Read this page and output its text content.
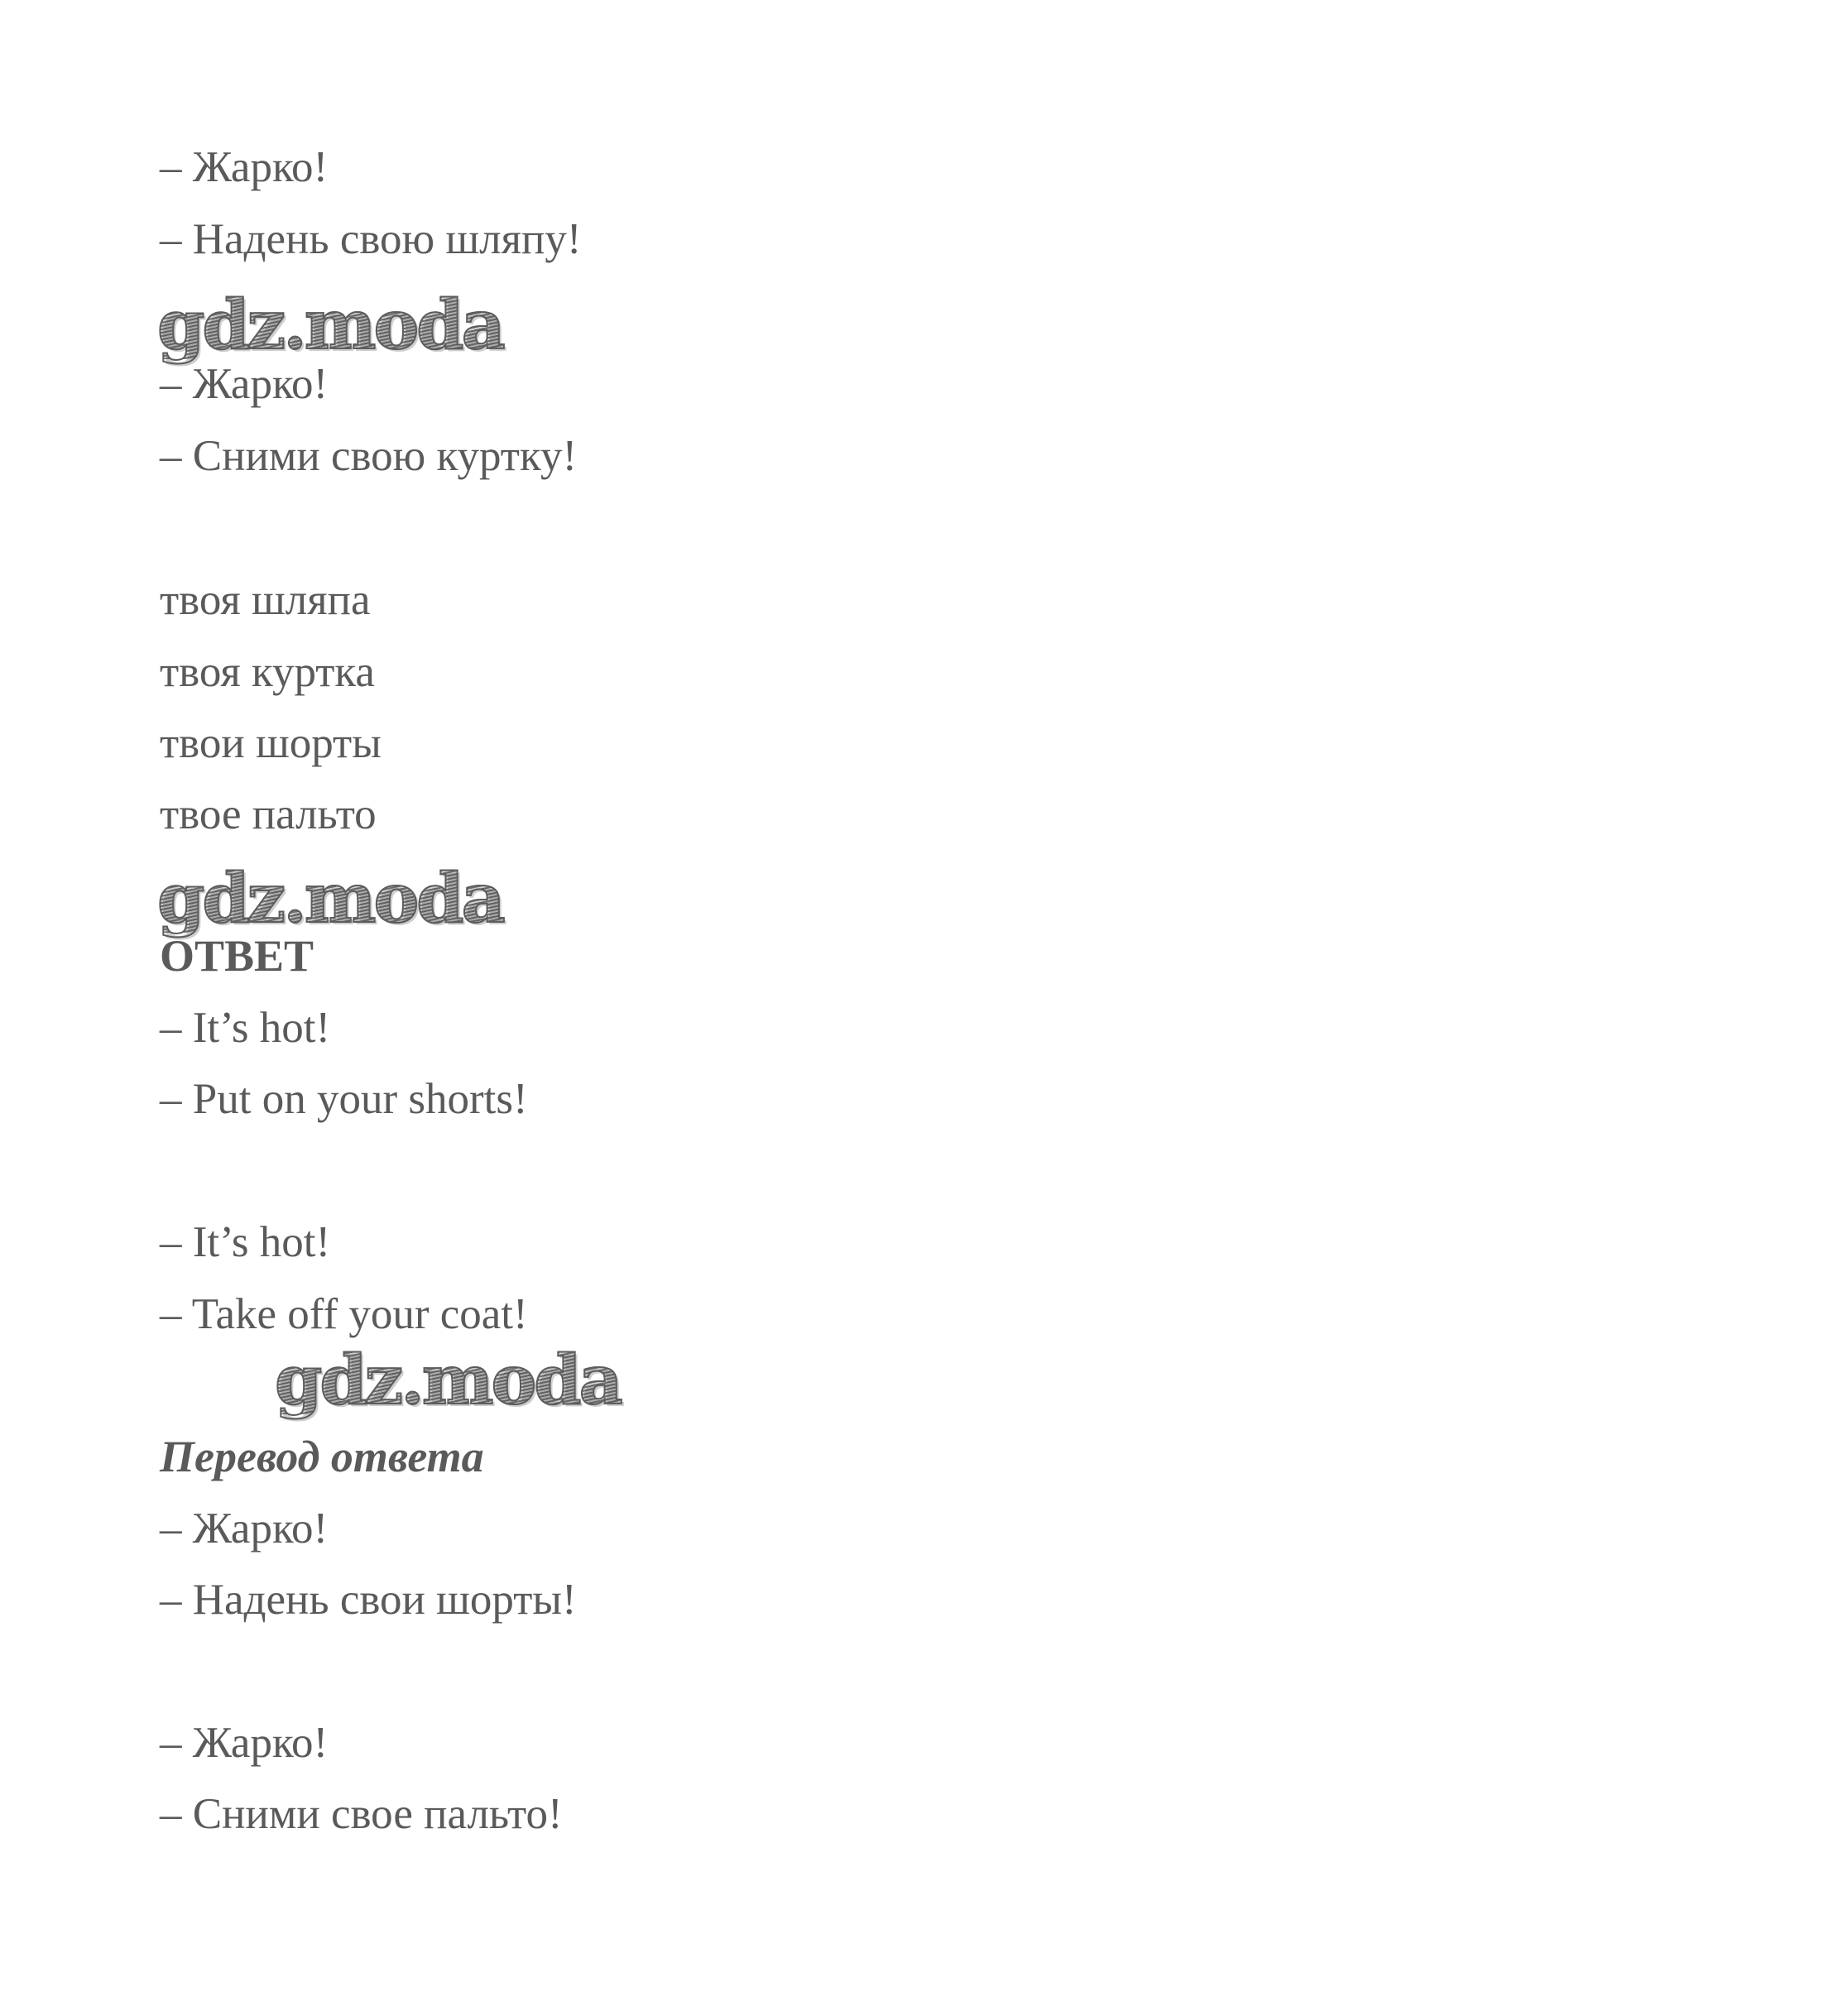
– Жарко!
– Надень свою шляпу!
gdz.moda
– Жарко!
– Сними свою куртку!
твоя шляпа
твоя куртка
твои шорты
твое пальто
gdz.moda
ОТВЕТ
– It’s hot!
– Put on your shorts!
– It’s hot!
– Take off your coat!
gdz.moda
Перевод ответа
– Жарко!
– Надень свои шорты!
– Жарко!
– Сними свое пальто!
